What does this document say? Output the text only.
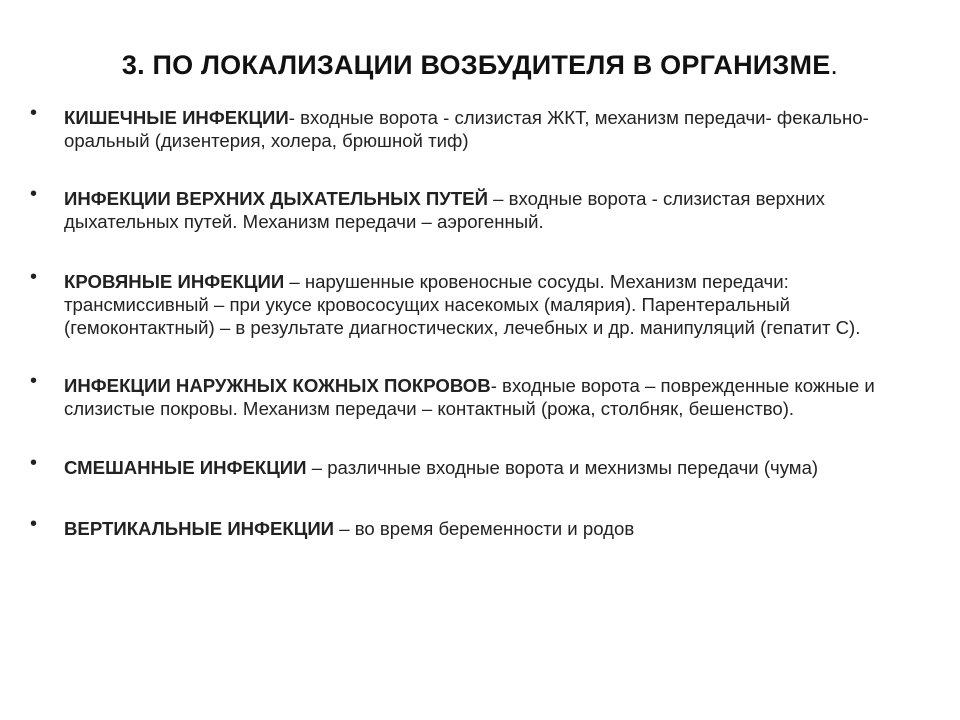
3. ПО ЛОКАЛИЗАЦИИ ВОЗБУДИТЕЛЯ В ОРГАНИЗМЕ.
• КИШЕЧНЫЕ ИНФЕКЦИИ- входные ворота - слизистая ЖКТ, механизм передачи- фекально-оральный (дизентерия, холера, брюшной тиф)
• ИНФЕКЦИИ ВЕРХНИХ ДЫХАТЕЛЬНЫХ ПУТЕЙ – входные ворота - слизистая верхних дыхательных путей. Механизм передачи – аэрогенный.
• КРОВЯНЫЕ ИНФЕКЦИИ – нарушенные кровеносные сосуды. Механизм передачи: трансмиссивный – при укусе кровососущих насекомых (малярия). Парентеральный (гемоконтактный) – в результате диагностических, лечебных и др. манипуляций (гепатит С).
• ИНФЕКЦИИ НАРУЖНЫХ КОЖНЫХ ПОКРОВОВ- входные ворота – поврежденные кожные и слизистые покровы. Механизм передачи – контактный (рожа, столбняк, бешенство).
• СМЕШАННЫЕ ИНФЕКЦИИ – различные входные ворота и мехнизмы передачи (чума)
• ВЕРТИКАЛЬНЫЕ ИНФЕКЦИИ – во время беременности и родов
